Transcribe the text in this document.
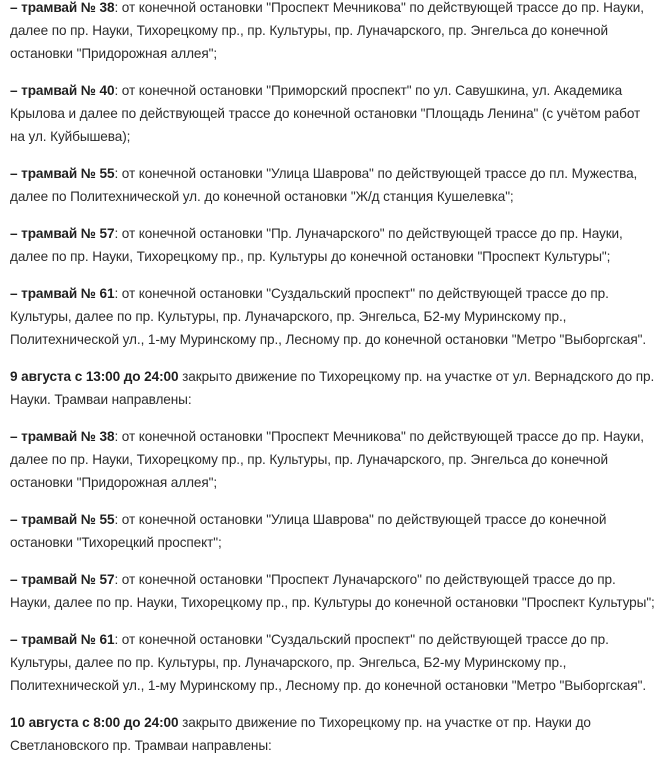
– трамвай № 38: от конечной остановки "Проспект Мечникова" по действующей трассе до пр. Науки, далее по пр. Науки, Тихорецкому пр., пр. Культуры, пр. Луначарского, пр. Энгельса до конечной остановки "Придорожная аллея";

– трамвай № 40: от конечной остановки "Приморский проспект" по ул. Савушкина, ул. Академика Крылова и далее по действующей трассе до конечной остановки "Площадь Ленина" (с учётом работ на ул. Куйбышева);

– трамвай № 55: от конечной остановки "Улица Шаврова" по действующей трассе до пл. Мужества, далее по Политехнической ул. до конечной остановки "Ж/д станция Кушелевка";

– трамвай № 57: от конечной остановки "Пр. Луначарского" по действующей трассе до пр. Науки, далее по пр. Науки, Тихорецкому пр., пр. Культуры до конечной остановки "Проспект Культуры";

– трамвай № 61: от конечной остановки "Суздальский проспект" по действующей трассе до пр. Культуры, далее по пр. Культуры, пр. Луначарского, пр. Энгельса, Б2-му Муринскому пр., Политехнической ул., 1-му Муринскому пр., Лесному пр. до конечной остановки "Метро "Выборгская".

9 августа с 13:00 до 24:00 закрыто движение по Тихорецкому пр. на участке от ул. Вернадского до пр. Науки. Трамваи направлены:

– трамвай № 38: от конечной остановки "Проспект Мечникова" по действующей трассе до пр. Науки, далее по пр. Науки, Тихорецкому пр., пр. Культуры, пр. Луначарского, пр. Энгельса до конечной остановки "Придорожная аллея";

– трамвай № 55: от конечной остановки "Улица Шаврова" по действующей трассе до конечной остановки "Тихорецкий проспект";

– трамвай № 57: от конечной остановки "Проспект Луначарского" по действующей трассе до пр. Науки, далее по пр. Науки, Тихорецкому пр., пр. Культуры до конечной остановки "Проспект Культуры";

– трамвай № 61: от конечной остановки "Суздальский проспект" по действующей трассе до пр. Культуры, далее по пр. Культуры, пр. Луначарского, пр. Энгельса, Б2-му Муринскому пр., Политехнической ул., 1-му Муринскому пр., Лесному пр. до конечной остановки "Метро "Выборгская".

10 августа с 8:00 до 24:00 закрыто движение по Тихорецкому пр. на участке от пр. Науки до Светлановского пр. Трамваи направлены:
